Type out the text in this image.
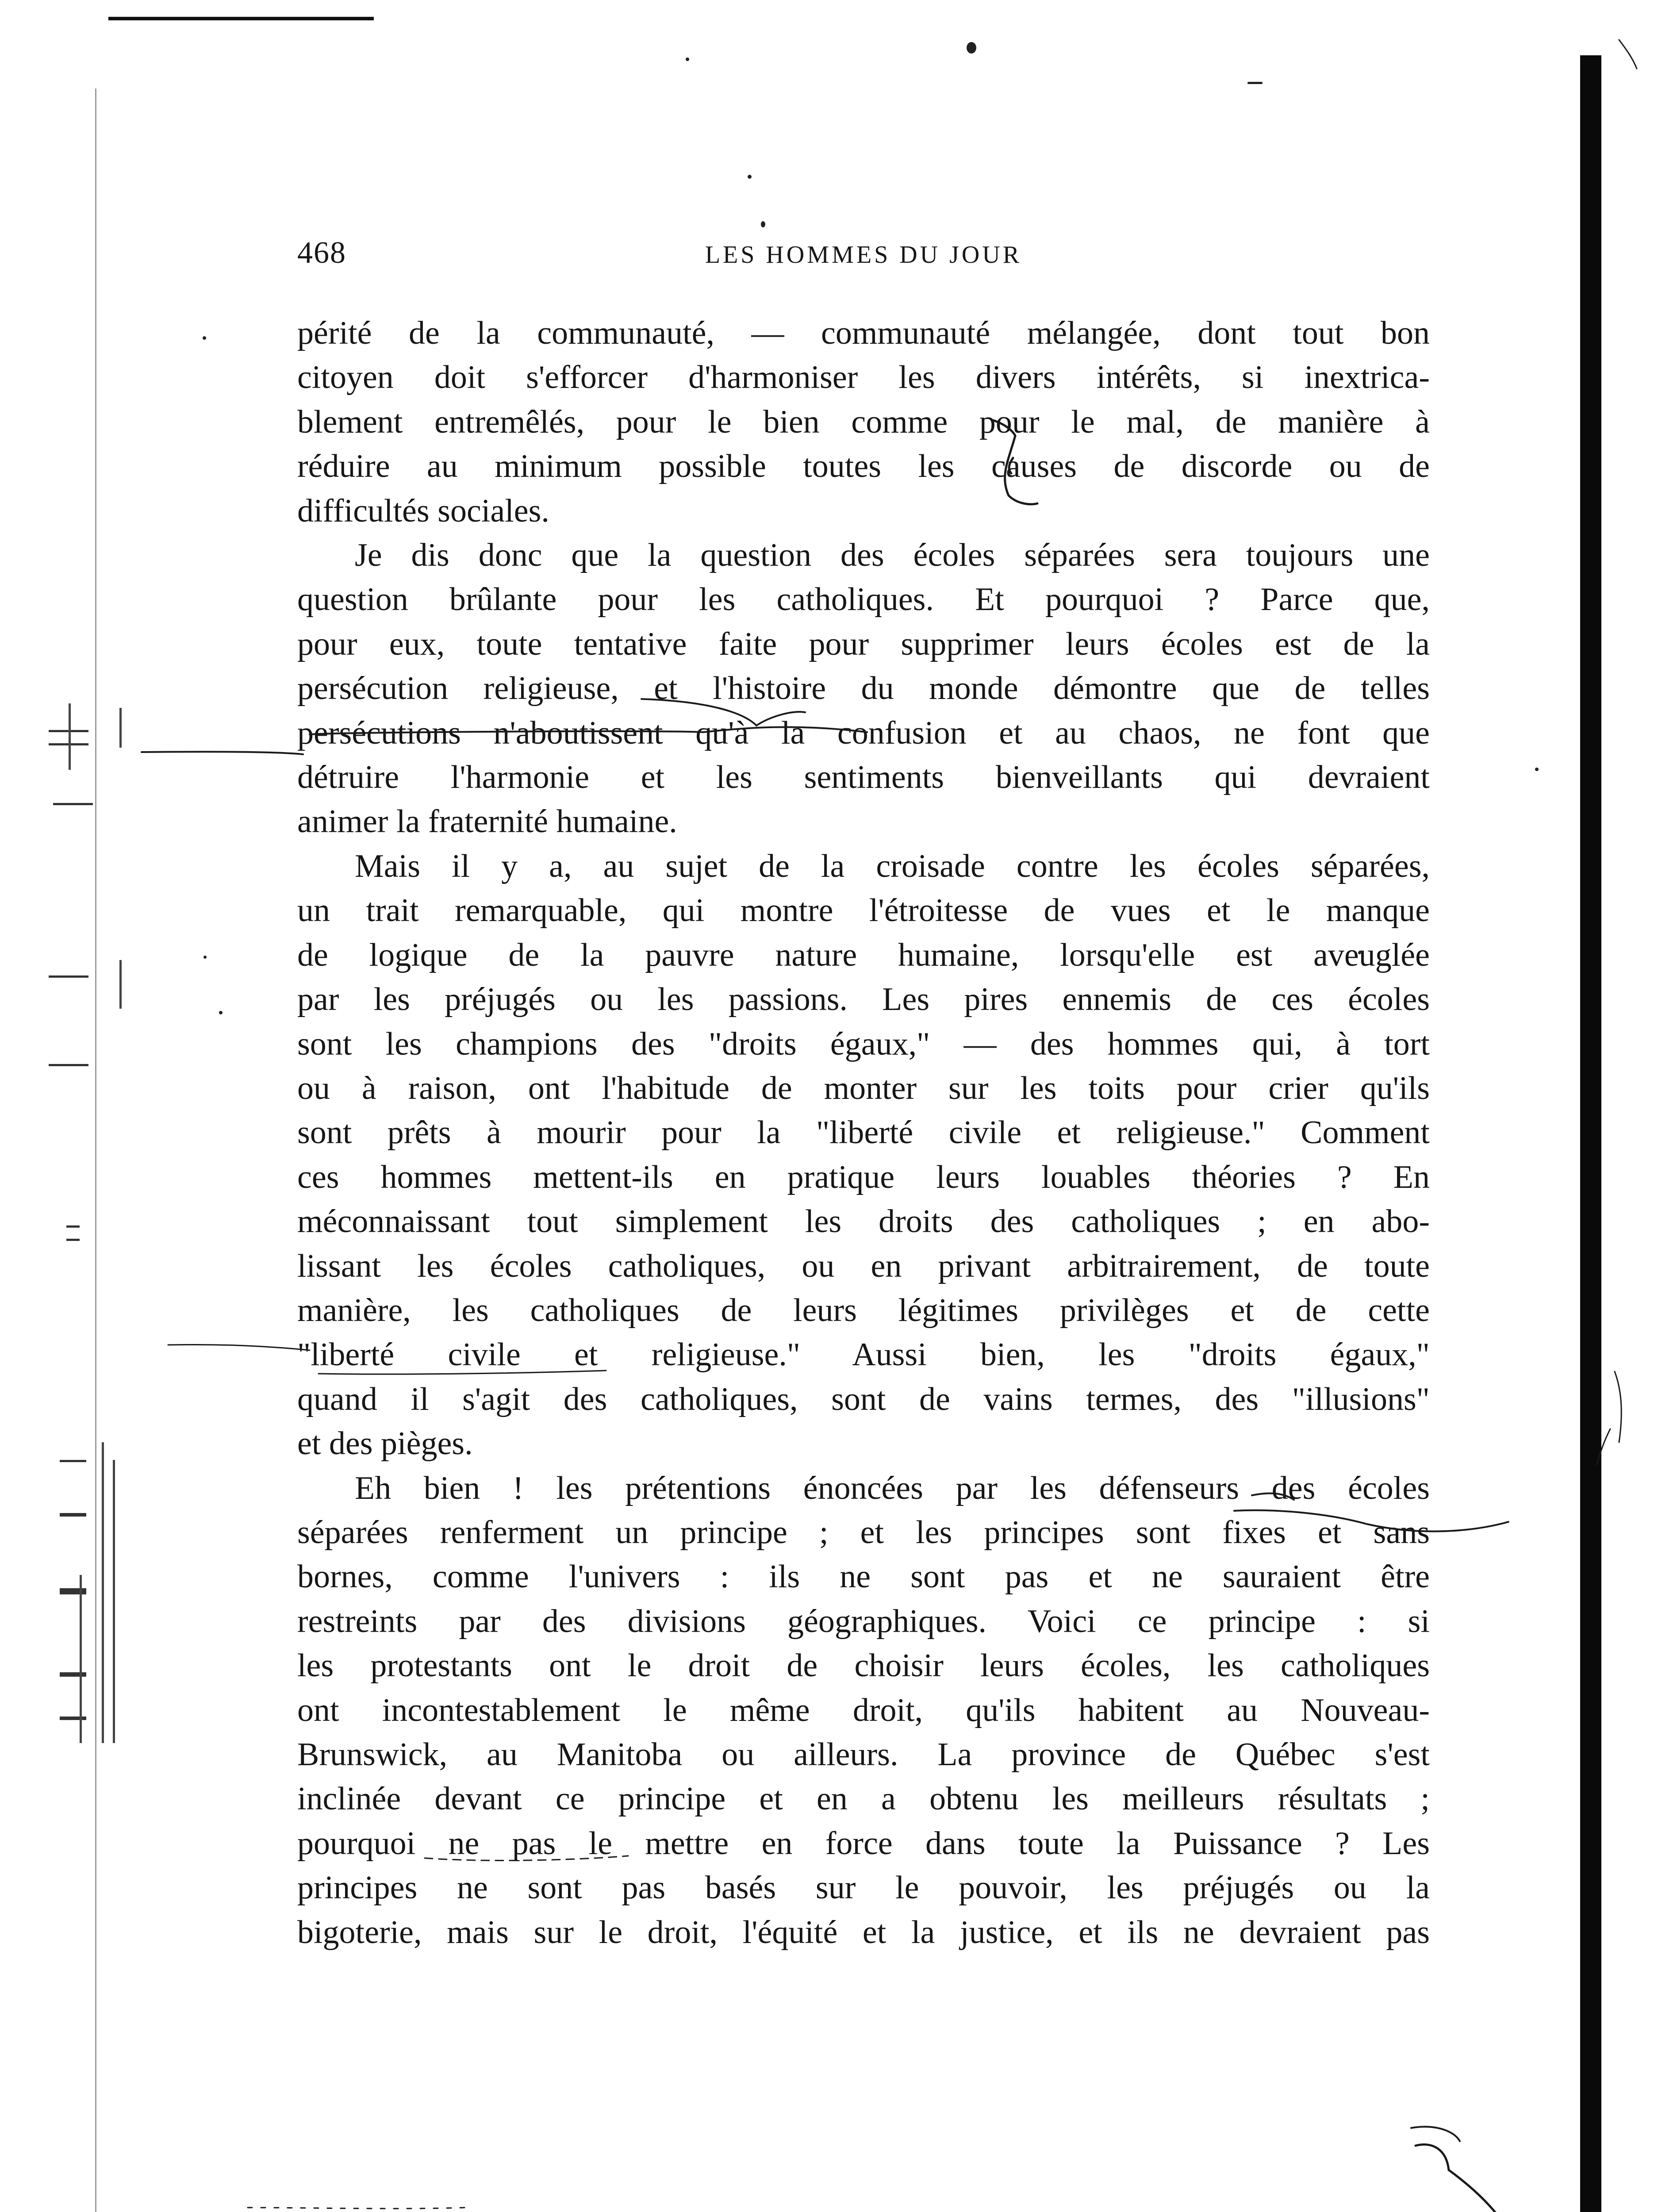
468	LES HOMMES DU JOUR
périté de la communauté, — communauté mélangée, dont tout bon
citoyen doit s'efforcer d'harmoniser les divers intérêts, si inextrica-
blement entremêlés, pour le bien comme pour le mal, de manière à
réduire au minimum possible toutes les causes de discorde ou de
difficultés sociales.
Je dis donc que la question des écoles séparées sera toujours une
question brûlante pour les catholiques. Et pourquoi ? Parce que,
pour eux, toute tentative faite pour supprimer leurs écoles est de la
persécution religieuse, et l'histoire du monde démontre que de telles
persécutions n'aboutissent qu'à la confusion et au chaos, ne font que
détruire l'harmonie et les sentiments bienveillants qui devraient
animer la fraternité humaine.
Mais il y a, au sujet de la croisade contre les écoles séparées,
un trait remarquable, qui montre l'étroitesse de vues et le manque
de logique de la pauvre nature humaine, lorsqu'elle est aveuglée
par les préjugés ou les passions. Les pires ennemis de ces écoles
sont les champions des "droits égaux," — des hommes qui, à tort
ou à raison, ont l'habitude de monter sur les toits pour crier qu'ils
sont prêts à mourir pour la "liberté civile et religieuse." Comment
ces hommes mettent-ils en pratique leurs louables théories ? En
méconnaissant tout simplement les droits des catholiques ; en abo-
lissant les écoles catholiques, ou en privant arbitrairement, de toute
manière, les catholiques de leurs légitimes privilèges et de cette
"liberté civile et religieuse." Aussi bien, les "droits égaux,"
quand il s'agit des catholiques, sont de vains termes, des "illusions"
et des pièges.
Eh bien ! les prétentions énoncées par les défenseurs des écoles
séparées renferment un principe ; et les principes sont fixes et sans
bornes, comme l'univers : ils ne sont pas et ne sauraient être
restreints par des divisions géographiques. Voici ce principe : si
les protestants ont le droit de choisir leurs écoles, les catholiques
ont incontestablement le même droit, qu'ils habitent au Nouveau-
Brunswick, au Manitoba ou ailleurs. La province de Québec s'est
inclinée devant ce principe et en a obtenu les meilleurs résultats ;
pourquoi ne pas le mettre en force dans toute la Puissance ? Les
principes ne sont pas basés sur le pouvoir, les préjugés ou la
bigoterie, mais sur le droit, l'équité et la justice, et ils ne devraient pas
